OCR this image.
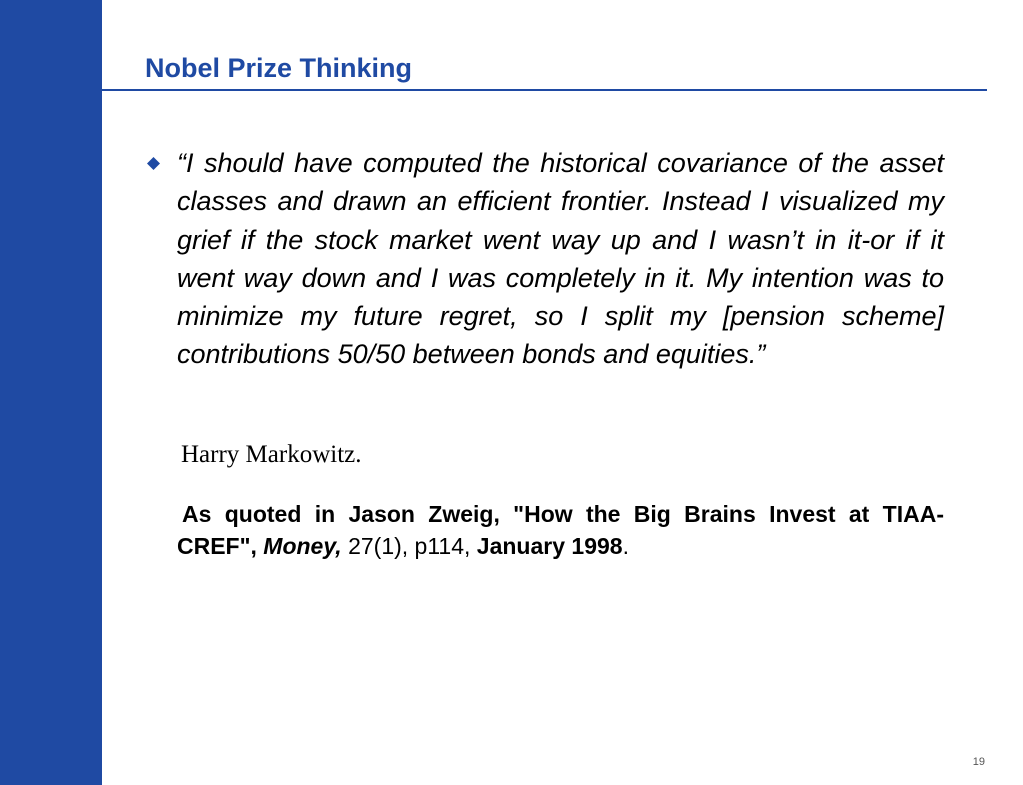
Nobel Prize Thinking

“I should have computed the historical covariance of the asset classes and drawn an efficient frontier. Instead I visualized my grief if the stock market went way up and I wasn’t in it-or if it went way down and I was completely in it. My intention was to minimize my future regret, so I split my [pension scheme] contributions 50/50 between bonds and equities.”

Harry Markowitz.

As quoted in Jason Zweig, "How the Big Brains Invest at TIAA-CREF", Money, 27(1), p114, January 1998.

19
